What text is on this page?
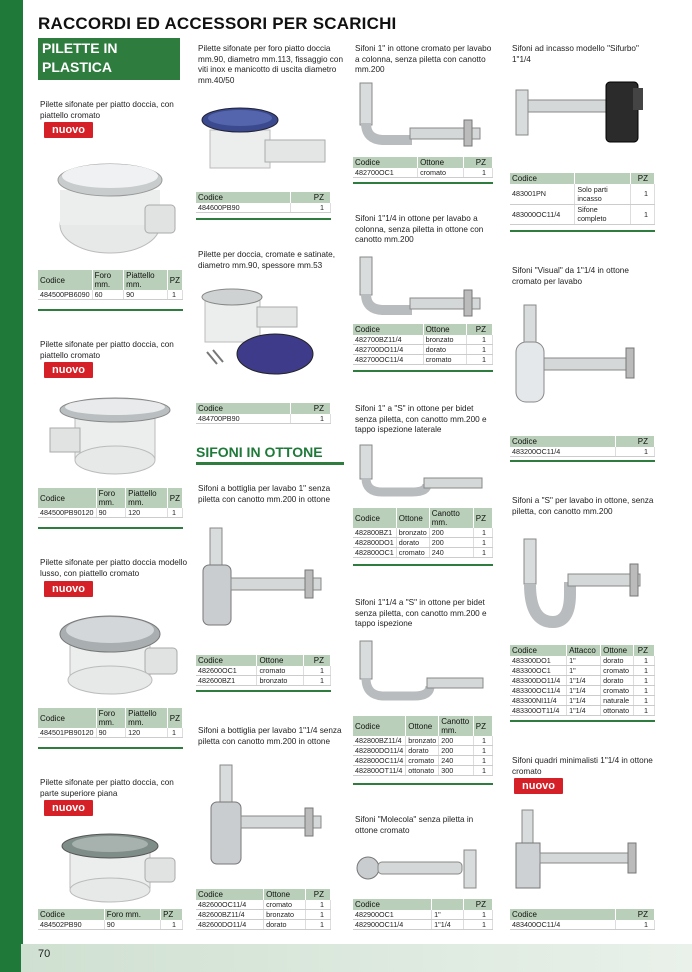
RACCORDI ED ACCESSORI PER SCARICHI
PILETTE IN PLASTICA
PER DOCCIA
Pilette sifonate per piatto doccia, con piattello cromato
nuovo
Codice	Foro mm.	Piattello mm.	PZ
484500PB6090	60	90	1
Pilette sifonate per piatto doccia, con piattello cromato
nuovo
Codice	Foro mm.	Piattello mm.	PZ
484500PB90120	90	120	1
Pilette sifonate per piatto doccia modello lusso, con piattello cromato
nuovo
Codice	Foro mm.	Piattello mm.	PZ
484501PB90120	90	120	1
Pilette sifonate per piatto doccia, con parte superiore piana
nuovo
Codice	Foro mm.	PZ
484502PB90	90	1
Pilette sifonate per foro piatto doccia mm.90, diametro mm.113, fissaggio con viti inox e manicotto di uscita diametro mm.40/50
Codice	PZ
484600PB90	1
Pilette per doccia, cromate e satinate, diametro mm.90, spessore mm.53
Codice	PZ
484700PB90	1
SIFONI IN OTTONE
Sifoni a bottiglia per lavabo 1" senza piletta con canotto mm.200 in ottone
Codice	Ottone	PZ
482600OC1	cromato	1
482600BZ1	bronzato	1
Sifoni a bottiglia per lavabo 1"1/4 senza piletta con canotto mm.200 in ottone
Codice	Ottone	PZ
482600OC11/4	cromato	1
482600BZ11/4	bronzato	1
482600DO11/4	dorato	1
Sifoni 1" in ottone cromato per lavabo a colonna, senza piletta con canotto mm.200
Codice	Ottone	PZ
482700OC1	cromato	1
Sifoni 1"1/4 in ottone per lavabo a colonna, senza piletta in ottone con canotto mm.200
Codice	Ottone	PZ
482700BZ11/4	bronzato	1
482700DO11/4	dorato	1
482700OC11/4	cromato	1
Sifoni 1" a "S" in ottone per bidet senza piletta, con canotto mm.200 e tappo ispezione laterale
Codice	Ottone	Canotto mm.	PZ
482800BZ1	bronzato	200	1
482800DO1	dorato	200	1
482800OC1	cromato	240	1
Sifoni 1"1/4 a "S" in ottone per bidet senza piletta, con canotto mm.200 e tappo ispezione
Codice	Ottone	Canotto mm.	PZ
482800BZ11/4	bronzato	200	1
482800DO11/4	dorato	200	1
482800OC11/4	cromato	240	1
482800OT11/4	ottonato	300	1
Sifoni "Molecola" senza piletta in ottone cromato
Codice		PZ
482900OC1	1"	1
482900OC11/4	1"1/4	1
Sifoni ad incasso modello "Sifurbo" 1"1/4
Codice		PZ
483001PN	Solo parti incasso	1
483000OC11/4	Sifone completo	1
Sifoni "Visual" da 1"1/4 in ottone cromato per lavabo
Codice	PZ
483200OC11/4	1
Sifoni a "S" per lavabo in ottone, senza piletta, con canotto mm.200
Codice	Attacco	Ottone	PZ
483300DO1	1"	dorato	1
483300OC1	1"	cromato	1
483300DO11/4	1"1/4	dorato	1
483300OC11/4	1"1/4	cromato	1
483300NI11/4	1"1/4	naturale	1
483300OT11/4	1"1/4	ottonato	1
Sifoni quadri minimalisti 1"1/4 in ottone cromato
nuovo
Codice	PZ
483400OC11/4	1
70
